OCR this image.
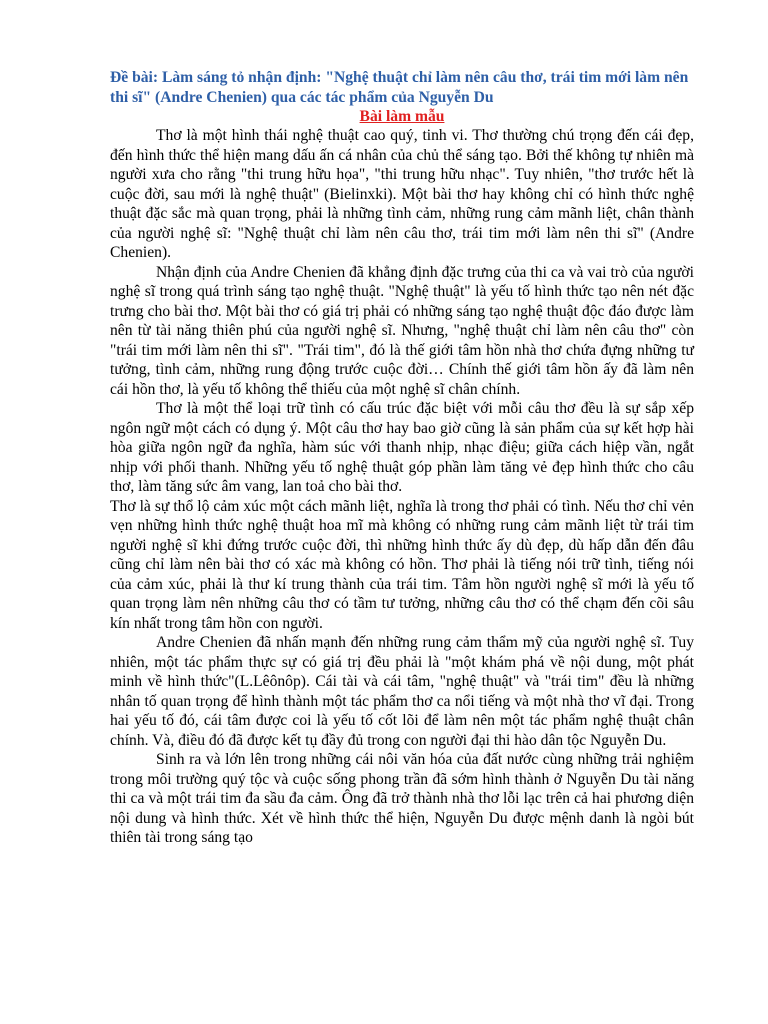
Đề bài: Làm sáng tỏ nhận định: "Nghệ thuật chỉ làm nên câu thơ, trái tim mới làm nên thi sĩ" (Andre Chenien) qua các tác phẩm của Nguyễn Du
Bài làm mẫu

Thơ là một hình thái nghệ thuật cao quý, tinh vi. Thơ thường chú trọng đến cái đẹp, đến hình thức thể hiện mang dấu ấn cá nhân của chủ thể sáng tạo. Bởi thế không tự nhiên mà người xưa cho rằng "thi trung hữu họa", "thi trung hữu nhạc". Tuy nhiên, "thơ trước hết là cuộc đời, sau mới là nghệ thuật" (Bielinxki). Một bài thơ hay không chỉ có hình thức nghệ thuật đặc sắc mà quan trọng, phải là những tình cảm, những rung cảm mãnh liệt, chân thành của người nghệ sĩ: "Nghệ thuật chỉ làm nên câu thơ, trái tim mới làm nên thi sĩ" (Andre Chenien).

Nhận định của Andre Chenien đã khẳng định đặc trưng của thi ca và vai trò của người nghệ sĩ trong quá trình sáng tạo nghệ thuật. "Nghệ thuật" là yếu tố hình thức tạo nên nét đặc trưng cho bài thơ. Một bài thơ có giá trị phải có những sáng tạo nghệ thuật độc đáo được làm nên từ tài năng thiên phú của người nghệ sĩ. Nhưng, "nghệ thuật chỉ làm nên câu thơ" còn "trái tim mới làm nên thi sĩ". "Trái tim", đó là thế giới tâm hồn nhà thơ chứa đựng những tư tưởng, tình cảm, những rung động trước cuộc đời… Chính thế giới tâm hồn ấy đã làm nên cái hồn thơ, là yếu tố không thể thiếu của một nghệ sĩ chân chính.

Thơ là một thể loại trữ tình có cấu trúc đặc biệt với mỗi câu thơ đều là sự sắp xếp ngôn ngữ một cách có dụng ý. Một câu thơ hay bao giờ cũng là sản phẩm của sự kết hợp hài hòa giữa ngôn ngữ đa nghĩa, hàm súc với thanh nhịp, nhạc điệu; giữa cách hiệp vần, ngắt nhịp với phối thanh. Những yếu tố nghệ thuật góp phần làm tăng vẻ đẹp hình thức cho câu thơ, làm tăng sức âm vang, lan toả cho bài thơ.

Thơ là sự thổ lộ cảm xúc một cách mãnh liệt, nghĩa là trong thơ phải có tình. Nếu thơ chỉ vẻn vẹn những hình thức nghệ thuật hoa mĩ mà không có những rung cảm mãnh liệt từ trái tim người nghệ sĩ khi đứng trước cuộc đời, thì những hình thức ấy dù đẹp, dù hấp dẫn đến đâu cũng chỉ làm nên bài thơ có xác mà không có hồn. Thơ phải là tiếng nói trữ tình, tiếng nói của cảm xúc, phải là thư kí trung thành của trái tim. Tâm hồn người nghệ sĩ mới là yếu tố quan trọng làm nên những câu thơ có tầm tư tưởng, những câu thơ có thể chạm đến cõi sâu kín nhất trong tâm hồn con người.

Andre Chenien đã nhấn mạnh đến những rung cảm thẩm mỹ của người nghệ sĩ. Tuy nhiên, một tác phẩm thực sự có giá trị đều phải là "một khám phá về nội dung, một phát minh về hình thức"(L.Lêônôp). Cái tài và cái tâm, "nghệ thuật" và "trái tim" đều là những nhân tố quan trọng để hình thành một tác phẩm thơ ca nổi tiếng và một nhà thơ vĩ đại. Trong hai yếu tố đó, cái tâm được coi là yếu tố cốt lõi để làm nên một tác phẩm nghệ thuật chân chính. Và, điều đó đã được kết tụ đầy đủ trong con người đại thi hào dân tộc Nguyễn Du.

Sinh ra và lớn lên trong những cái nôi văn hóa của đất nước cùng những trải nghiệm trong môi trường quý tộc và cuộc sống phong trần đã sớm hình thành ở Nguyễn Du tài năng thi ca và một trái tim đa sầu đa cảm. Ông đã trở thành nhà thơ lỗi lạc trên cả hai phương diện nội dung và hình thức. Xét về hình thức thể hiện, Nguyễn Du được mệnh danh là ngòi bút thiên tài trong sáng tạo
